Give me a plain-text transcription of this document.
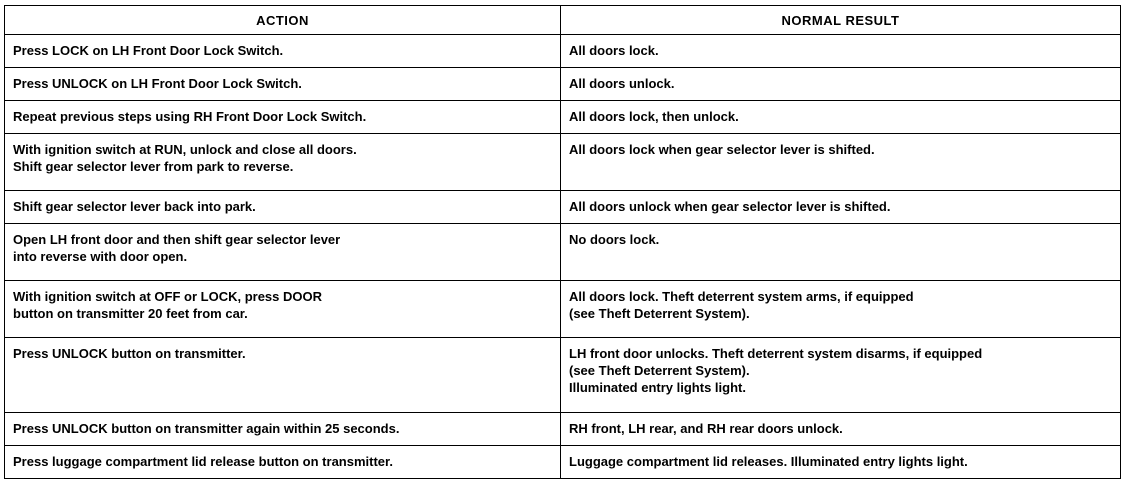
ACTION	NORMAL RESULT

Press LOCK on LH Front Door Lock Switch.	All doors lock.

Press UNLOCK on LH Front Door Lock Switch.	All doors unlock.

Repeat previous steps using RH Front Door Lock Switch.	All doors lock, then unlock.

With ignition switch at RUN, unlock and close all doors.
Shift gear selector lever from park to reverse.	All doors lock when gear selector lever is shifted.

Shift gear selector lever back into park.	All doors unlock when gear selector lever is shifted.

Open LH front door and then shift gear selector lever
into reverse with door open.	No doors lock.

With ignition switch at OFF or LOCK, press DOOR
button on transmitter 20 feet from car.	All doors lock. Theft deterrent system arms, if equipped
(see Theft Deterrent System).

Press UNLOCK button on transmitter.	LH front door unlocks. Theft deterrent system disarms, if equipped
(see Theft Deterrent System).
Illuminated entry lights light.

Press UNLOCK button on transmitter again within 25 seconds.	RH front, LH rear, and RH rear doors unlock.

Press luggage compartment lid release button on transmitter.	Luggage compartment lid releases. Illuminated entry lights light.
